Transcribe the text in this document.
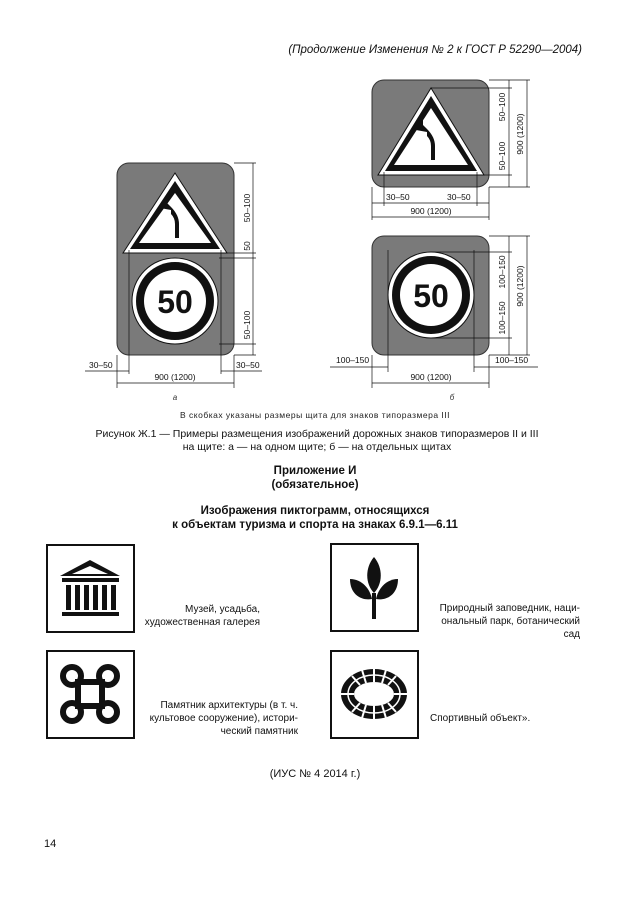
(Продолжение Изменения № 2 к ГОСТ Р 52290—2004)
50
50–100
50
50–100
30–50	30–50
900 (1200)
а
50–100
50–100
900 (1200)
30–50	30–50
900 (1200)
50
100–150
100–150
900 (1200)
100–150	100–150
900 (1200)
б
В скобках указаны размеры щита для знаков типоразмера III
Рисунок Ж.1 — Примеры размещения изображений дорожных знаков типоразмеров II и III на щите: а — на одном щите; б — на отдельных щитах
Приложение И
(обязательное)
Изображения пиктограмм, относящихся
к объектам туризма и спорта на знаках 6.9.1—6.11
Музей, усадьба,
художественная галерея
Природный заповедник, наци-
ональный парк, ботанический сад
Памятник архитектуры (в т. ч.
культовое сооружение), истори-
ческий памятник
Спортивный объект».
(ИУС № 4 2014 г.)
14
